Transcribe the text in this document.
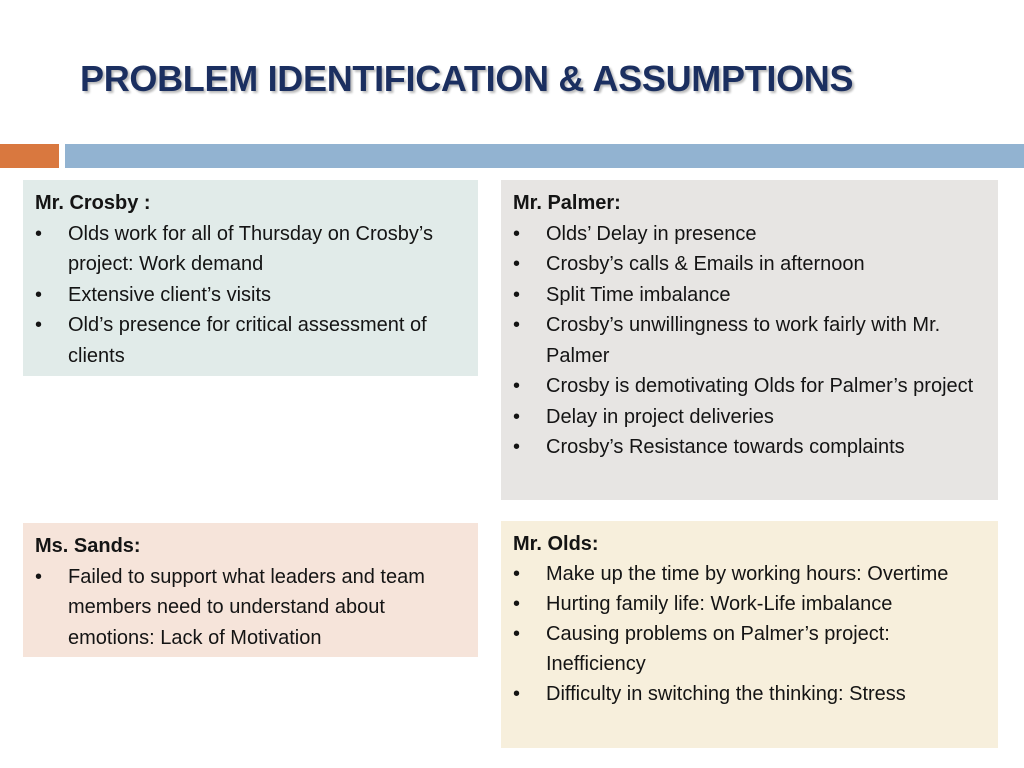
PROBLEM IDENTIFICATION & ASSUMPTIONS

Mr. Crosby :

•	Olds work for all of Thursday on Crosby’s project: Work demand
•	Extensive client’s visits
•	Old’s presence for critical assessment of clients

Mr. Palmer:

•	Olds’ Delay in presence
•	Crosby’s calls & Emails in afternoon
•	Split Time imbalance
•	Crosby’s unwillingness to work fairly with Mr. Palmer
•	Crosby is demotivating Olds for Palmer’s project
•	Delay in project deliveries
•	Crosby’s Resistance towards complaints

Ms. Sands:

•	Failed to support what leaders and team members need to understand about emotions: Lack of Motivation

Mr. Olds:

•	Make up the time by working hours: Overtime
•	Hurting family life: Work-Life imbalance
•	Causing problems on Palmer’s project: Inefficiency
•	Difficulty in switching the thinking: Stress
